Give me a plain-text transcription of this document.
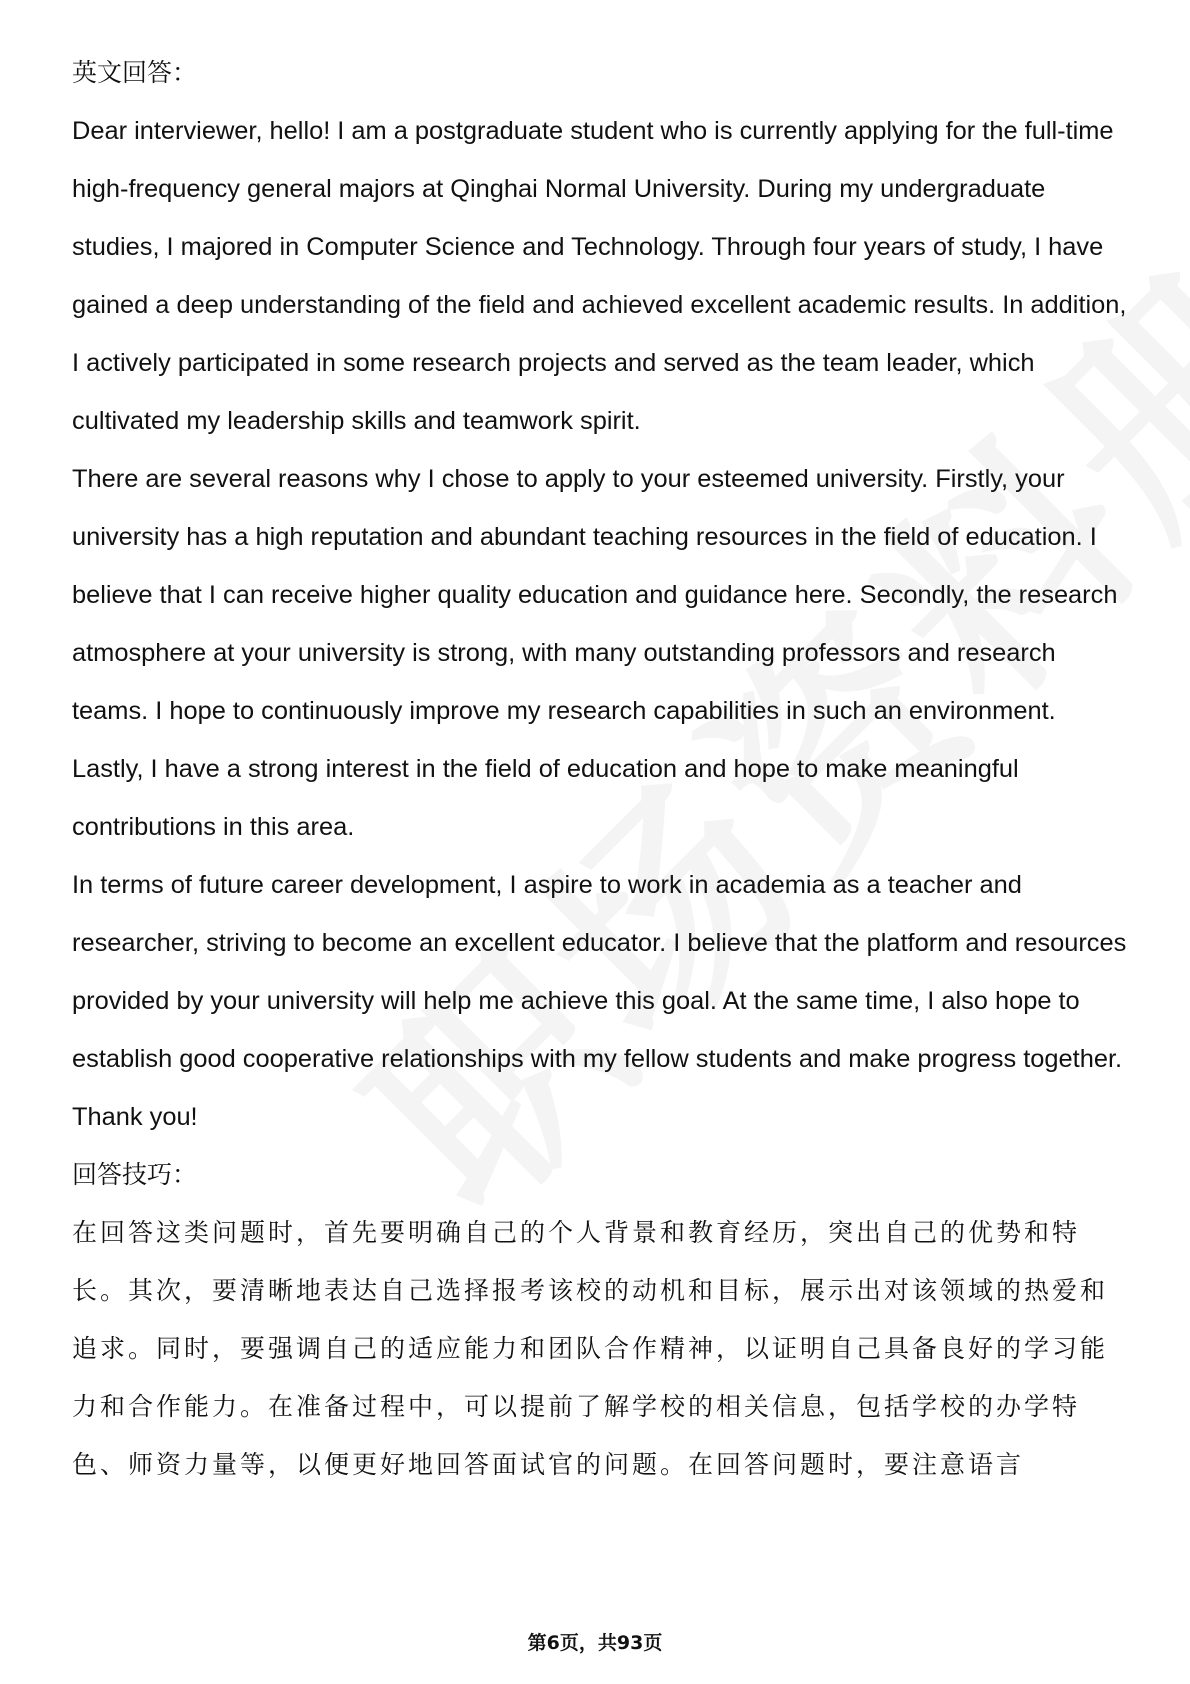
英文回答：

Dear interviewer, hello! I am a postgraduate student who is currently applying for the full-time high-frequency general majors at Qinghai Normal University. During my undergraduate studies, I majored in Computer Science and Technology. Through four years of study, I have gained a deep understanding of the field and achieved excellent academic results. In addition, I actively participated in some research projects and served as the team leader, which cultivated my leadership skills and teamwork spirit.

There are several reasons why I chose to apply to your esteemed university. Firstly, your university has a high reputation and abundant teaching resources in the field of education. I believe that I can receive higher quality education and guidance here. Secondly, the research atmosphere at your university is strong, with many outstanding professors and research teams. I hope to continuously improve my research capabilities in such an environment. Lastly, I have a strong interest in the field of education and hope to make meaningful contributions in this area.

In terms of future career development, I aspire to work in academia as a teacher and researcher, striving to become an excellent educator. I believe that the platform and resources provided by your university will help me achieve this goal. At the same time, I also hope to establish good cooperative relationships with my fellow students and make progress together. Thank you!

回答技巧：

在回答这类问题时，首先要明确自己的个人背景和教育经历，突出自己的优势和特长。其次，要清晰地表达自己选择报考该校的动机和目标，展示出对该领域的热爱和追求。同时，要强调自己的适应能力和团队合作精神，以证明自己具备良好的学习能力和合作能力。在准备过程中，可以提前了解学校的相关信息，包括学校的办学特色、师资力量等，以便更好地回答面试官的问题。在回答问题时，要注意语言

第6页，共93页
